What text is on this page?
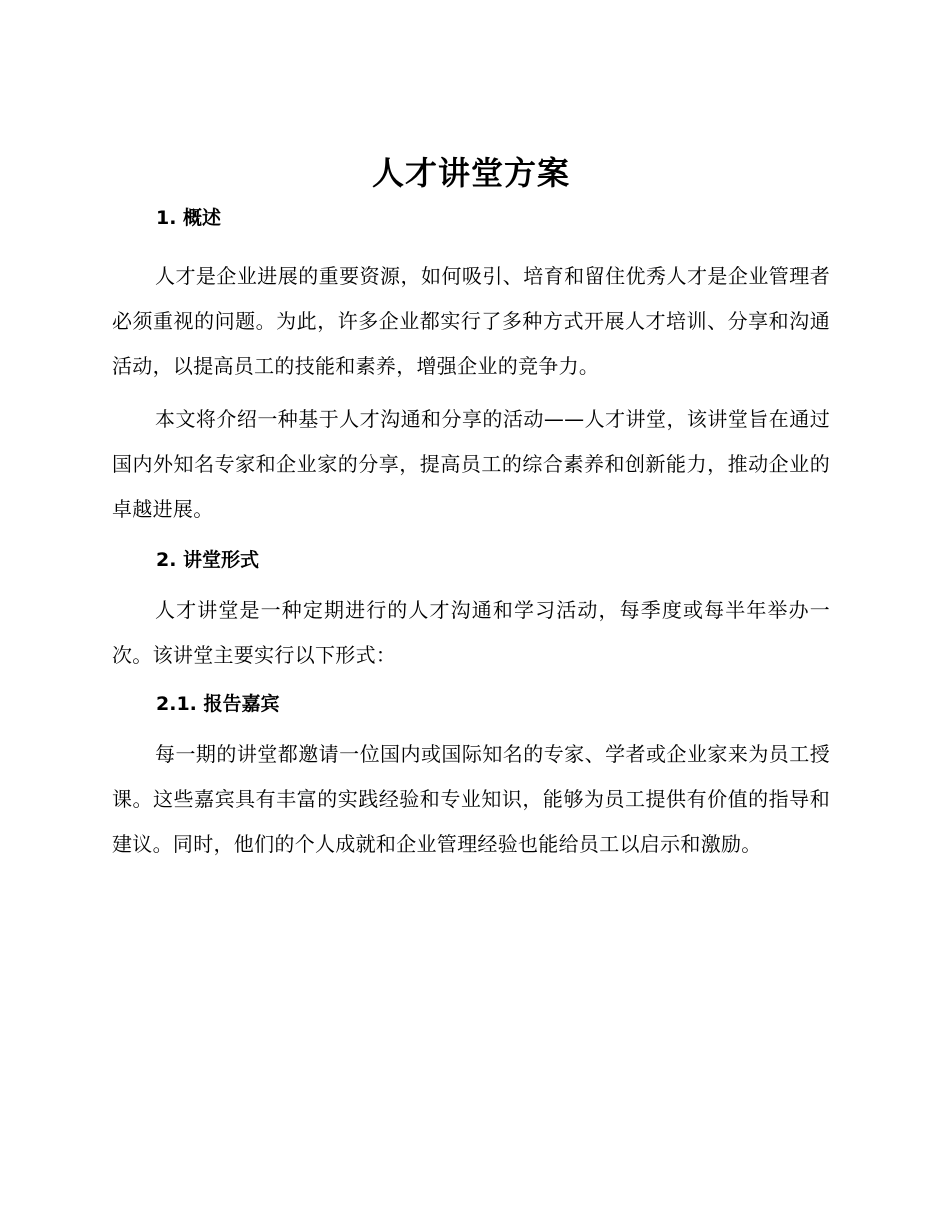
人才讲堂方案
1. 概述

人才是企业进展的重要资源，如何吸引、培育和留住优秀人才是企业管理者必须重视的问题。为此，许多企业都实行了多种方式开展人才培训、分享和沟通活动，以提高员工的技能和素养，增强企业的竞争力。

本文将介绍一种基于人才沟通和分享的活动——人才讲堂，该讲堂旨在通过国内外知名专家和企业家的分享，提高员工的综合素养和创新能力，推动企业的卓越进展。

2. 讲堂形式

人才讲堂是一种定期进行的人才沟通和学习活动，每季度或每半年举办一次。该讲堂主要实行以下形式：

2.1. 报告嘉宾

每一期的讲堂都邀请一位国内或国际知名的专家、学者或企业家来为员工授课。这些嘉宾具有丰富的实践经验和专业知识，能够为员工提供有价值的指导和建议。同时，他们的个人成就和企业管理经验也能给员工以启示和激励。
